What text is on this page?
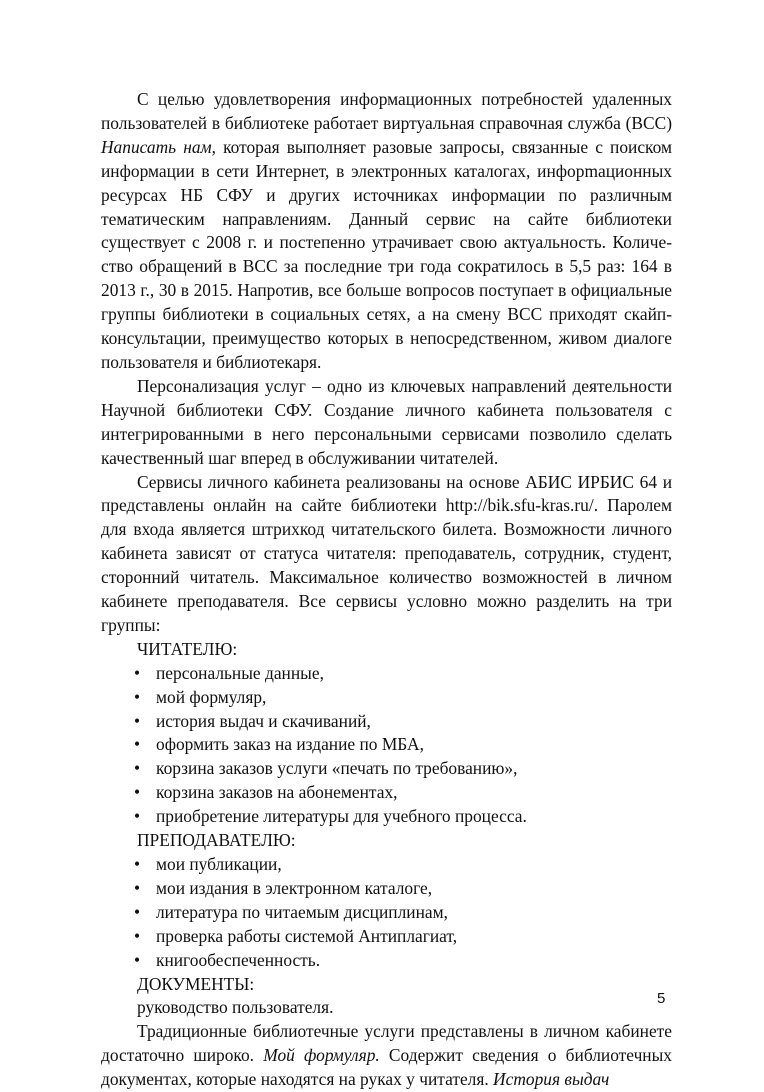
С целью удовлетворения информационных потребностей удаленных пользователей в библиотеке работает виртуальная справочная служба (ВСС) Написать нам, которая выполняет разовые запросы, связанные с поиском информации в сети Интернет, в электронных каталогах, инфорmационных ресурсах НБ СФУ и других источниках информации по различным тематическим направлениям. Данный сервис на сайте библиотеки существует с 2008 г. и постепенно утрачивает свою актуальность. Количество обращений в ВСС за последние три года сократилось в 5,5 раз: 164 в 2013 г., 30 в 2015. Напротив, все больше вопросов поступает в официальные группы библиотеки в социальных сетях, а на смену ВСС приходят скайп-консультации, преимущество которых в непосредственном, живом диалоге пользователя и библиотекаря.

Персонализация услуг – одно из ключевых направлений деятельности Научной библиотеки СФУ. Создание личного кабинета пользователя с интегрированными в него персональными сервисами позволило сделать качественный шаг вперед в обслуживании читателей.

Сервисы личного кабинета реализованы на основе АБИС ИРБИС 64 и представлены онлайн на сайте библиотеки http://bik.sfu-kras.ru/. Паролем для входа является штрихкод читательского билета. Возможности личного кабинета зависят от статуса читателя: преподаватель, сотрудник, студент, сторонний читатель. Максимальное количество возможностей в личном кабинете преподавателя. Все сервисы условно можно разделить на три группы:

ЧИТАТЕЛЮ:

• персональные данные,
• мой формуляр,
• история выдач и скачиваний,
• оформить заказ на издание по МБА,
• корзина заказов услуги «печать по требованию»,
• корзина заказов на абонементах,
• приобретение литературы для учебного процесса.

ПРЕПОДАВАТЕЛЮ:

• мои публикации,
• мои издания в электронном каталоге,
• литература по читаемым дисциплинам,
• проверка работы системой Антиплагиат,
• книгообеспеченность.

ДОКУМЕНТЫ:

руководство пользователя.

Традиционные библиотечные услуги представлены в личном кабинете достаточно широко. Мой формуляр. Содержит сведения о библиотечных документах, которые находятся на руках у читателя. История выдач

5
